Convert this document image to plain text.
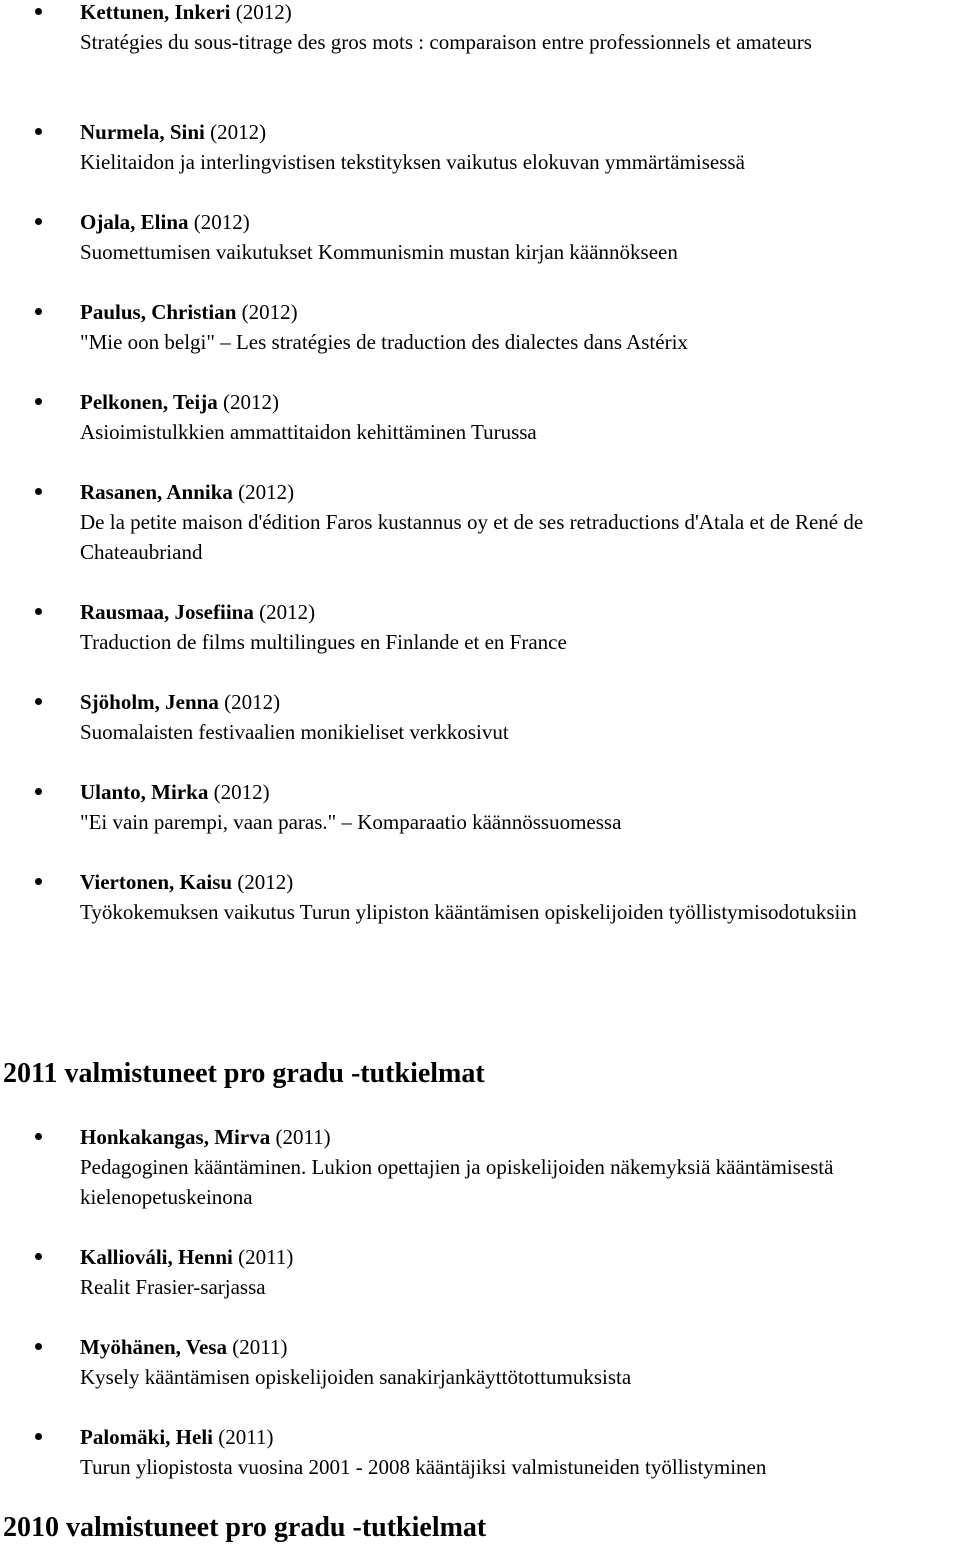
Kettunen, Inkeri (2012)
Stratégies du sous-titrage des gros mots : comparaison entre professionnels et amateurs
Nurmela, Sini (2012)
Kielitaidon ja interlingvistisen tekstityksen vaikutus elokuvan ymmärtämisessä
Ojala, Elina (2012)
Suomettumisen vaikutukset Kommunismin mustan kirjan käännökseen
Paulus, Christian (2012)
"Mie oon belgi" – Les stratégies de traduction des dialectes dans Astérix
Pelkonen, Teija (2012)
Asioimistulkkien ammattitaidon kehittäminen Turussa
Rasanen, Annika (2012)
De la petite maison d'édition Faros kustannus oy et de ses retraductions d'Atala et de René de Chateaubriand
Rausmaa, Josefiina (2012)
Traduction de films multilingues en Finlande et en France
Sjöholm, Jenna (2012)
Suomalaisten festivaalien monikieliset verkkosivut
Ulanto, Mirka (2012)
"Ei vain parempi, vaan paras." – Komparaatio käännössuomessa
Viertonen, Kaisu (2012)
Työkokemuksen vaikutus Turun ylipiston kääntämisen opiskelijoiden työllistymisodotuksiin
2011 valmistuneet pro gradu -tutkielmat
Honkakangas, Mirva (2011)
Pedagoginen kääntäminen. Lukion opettajien ja opiskelijoiden näkemyksiä kääntämisestä kielenopetuskeinona
Kalliováli, Henni (2011)
Realit Frasier-sarjassa
Myöhänen, Vesa (2011)
Kysely kääntämisen opiskelijoiden sanakirjankäyttötottumuksista
Palomäki, Heli (2011)
Turun yliopistosta vuosina 2001 - 2008 kääntäjiksi valmistuneiden työllistyminen
2010 valmistuneet pro gradu -tutkielmat
